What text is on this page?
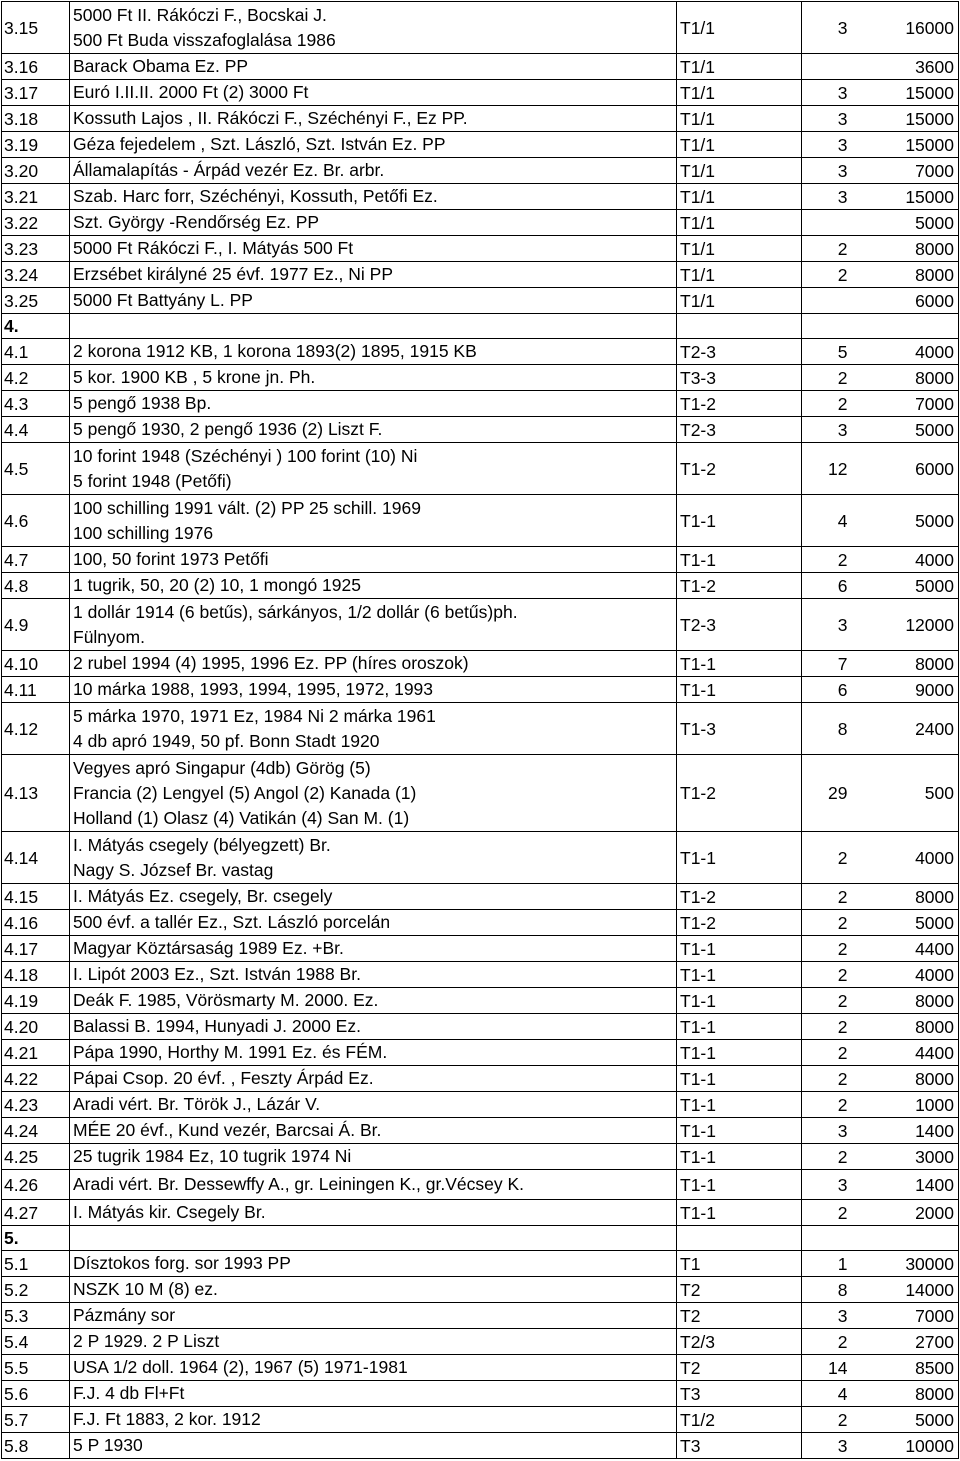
3.15	5000 Ft II. Rákóczi F., Bocskai J.
500 Ft Buda visszafoglalása 1986	T1/1	3	16000
3.16	Barack Obama Ez. PP	T1/1		3600
3.17	Euró I.II.II. 2000 Ft (2) 3000 Ft	T1/1	3	15000
3.18	Kossuth Lajos , II. Rákóczi F., Széchényi F., Ez PP.	T1/1	3	15000
3.19	Géza fejedelem , Szt. László, Szt. István Ez. PP	T1/1	3	15000
3.20	Államalapítás - Árpád vezér Ez. Br. arbr.	T1/1	3	7000
3.21	Szab. Harc forr, Széchényi, Kossuth, Petőfi Ez.	T1/1	3	15000
3.22	Szt. György -Rendőrség Ez. PP	T1/1		5000
3.23	5000 Ft Rákóczi F., I. Mátyás 500 Ft	T1/1	2	8000
3.24	Erzsébet királyné 25 évf. 1977 Ez., Ni PP	T1/1	2	8000
3.25	5000 Ft Battyány L. PP	T1/1		6000
4.	

4.1	2 korona 1912 KB, 1 korona 1893(2) 1895, 1915 KB	T2-3	5	4000
4.2	5 kor. 1900 KB , 5 krone jn. Ph.	T3-3	2	8000
4.3	5 pengő 1938 Bp.	T1-2	2	7000
4.4	5 pengő 1930, 2 pengő 1936 (2) Liszt F.	T2-3	3	5000
4.5	10 forint 1948 (Széchényi ) 100 forint (10) Ni
5 forint 1948 (Petőfi)	T1-2	12	6000
4.6	100 schilling 1991 vált. (2) PP 25 schill. 1969
100 schilling 1976	T1-1	4	5000
4.7	100, 50 forint 1973 Petőfi	T1-1	2	4000
4.8	1 tugrik, 50, 20 (2) 10, 1 mongó 1925	T1-2	6	5000
4.9	1 dollár 1914 (6 betűs), sárkányos, 1/2 dollár (6 betűs)ph.
Fülnyom.	T2-3	3	12000
4.10	2 rubel 1994 (4) 1995, 1996 Ez. PP (híres oroszok)	T1-1	7	8000
4.11	10 márka 1988, 1993, 1994, 1995, 1972, 1993	T1-1	6	9000
4.12	5 márka 1970, 1971 Ez, 1984 Ni 2 márka 1961
4 db apró 1949, 50 pf. Bonn Stadt 1920	T1-3	8	2400
4.13	Vegyes apró Singapur (4db) Görög (5)
Francia (2) Lengyel (5) Angol (2) Kanada (1)
Holland (1) Olasz (4) Vatikán (4) San M. (1)	T1-2	29	500
4.14	I. Mátyás csegely (bélyegzett) Br.
Nagy S. József Br. vastag	T1-1	2	4000
4.15	I. Mátyás Ez. csegely, Br. csegely	T1-2	2	8000
4.16	500 évf. a tallér Ez., Szt. László porcelán	T1-2	2	5000
4.17	Magyar Köztársaság 1989 Ez. +Br.	T1-1	2	4400
4.18	I. Lipót 2003 Ez., Szt. István 1988 Br.	T1-1	2	4000
4.19	Deák F. 1985, Vörösmarty M. 2000. Ez.	T1-1	2	8000
4.20	Balassi B. 1994, Hunyadi J. 2000 Ez.	T1-1	2	8000
4.21	Pápa 1990, Horthy M. 1991 Ez. és FÉM.	T1-1	2	4400
4.22	Pápai Csop. 20 évf. , Feszty Árpád Ez.	T1-1	2	8000
4.23	Aradi vért. Br. Török J., Lázár V.	T1-1	2	1000
4.24	MÉE 20 évf., Kund vezér, Barcsai Á. Br.	T1-1	3	1400
4.25	25 tugrik 1984 Ez, 10 tugrik 1974 Ni	T1-1	2	3000
4.26	Aradi vért. Br. Dessewffy A., gr. Leiningen K., gr.Vécsey K.	T1-1	3	1400
4.27	I. Mátyás kir. Csegely Br.	T1-1	2	2000
5.	

5.1	Dísztokos forg. sor 1993 PP	T1	1	30000
5.2	NSZK 10 M (8) ez.	T2	8	14000
5.3	Pázmány sor	T2	3	7000
5.4	2 P 1929. 2 P Liszt	T2/3	2	2700
5.5	USA 1/2 doll. 1964 (2), 1967 (5) 1971-1981	T2	14	8500
5.6	F.J. 4 db Fl+Ft	T3	4	8000
5.7	F.J. Ft 1883, 2 kor. 1912	T1/2	2	5000
5.8	5 P 1930	T3	3	10000
